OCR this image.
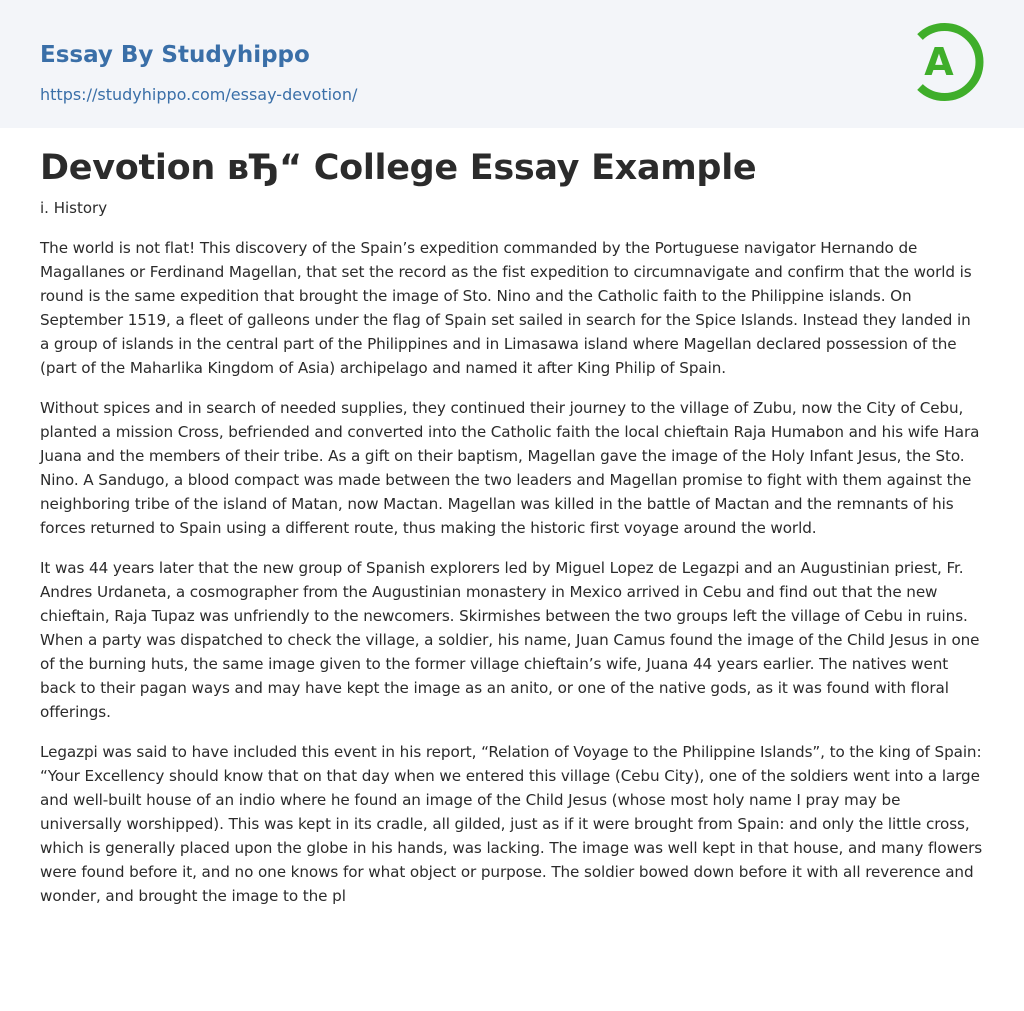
Essay By Studyhippo
https://studyhippo.com/essay-devotion/
A
Devotion вЂ“ College Essay Example
i. History

The world is not flat! This discovery of the Spain’s expedition commanded by the Portuguese navigator Hernando de Magallanes or Ferdinand Magellan, that set the record as the fist expedition to circumnavigate and confirm that the world is round is the same expedition that brought the image of Sto. Nino and the Catholic faith to the Philippine islands. On September 1519, a fleet of galleons under the flag of Spain set sailed in search for the Spice Islands. Instead they landed in a group of islands in the central part of the Philippines and in Limasawa island where Magellan declared possession of the (part of the Maharlika Kingdom of Asia) archipelago and named it after King Philip of Spain.

Without spices and in search of needed supplies, they continued their journey to the village of Zubu, now the City of Cebu, planted a mission Cross, befriended and converted into the Catholic faith the local chieftain Raja Humabon and his wife Hara Juana and the members of their tribe. As a gift on their baptism, Magellan gave the image of the Holy Infant Jesus, the Sto. Nino. A Sandugo, a blood compact was made between the two leaders and Magellan promise to fight with them against the neighboring tribe of the island of Matan, now Mactan. Magellan was killed in the battle of Mactan and the remnants of his forces returned to Spain using a different route, thus making the historic first voyage around the world.

It was 44 years later that the new group of Spanish explorers led by Miguel Lopez de Legazpi and an Augustinian priest, Fr. Andres Urdaneta, a cosmographer from the Augustinian monastery in Mexico arrived in Cebu and find out that the new chieftain, Raja Tupaz was unfriendly to the newcomers. Skirmishes between the two groups left the village of Cebu in ruins. When a party was dispatched to check the village, a soldier, his name, Juan Camus found the image of the Child Jesus in one of the burning huts, the same image given to the former village chieftain’s wife, Juana 44 years earlier. The natives went back to their pagan ways and may have kept the image as an anito, or one of the native gods, as it was found with floral offerings.

Legazpi was said to have included this event in his report, “Relation of Voyage to the Philippine Islands”, to the king of Spain: “Your Excellency should know that on that day when we entered this village (Cebu City), one of the soldiers went into a large and well-built house of an indio where he found an image of the Child Jesus (whose most holy name I pray may be universally worshipped). This was kept in its cradle, all gilded, just as if it were brought from Spain: and only the little cross, which is generally placed upon the globe in his hands, was lacking. The image was well kept in that house, and many flowers were found before it, and no one knows for what object or purpose. The soldier bowed down before it with all reverence and wonder, and brought the image to the pl
